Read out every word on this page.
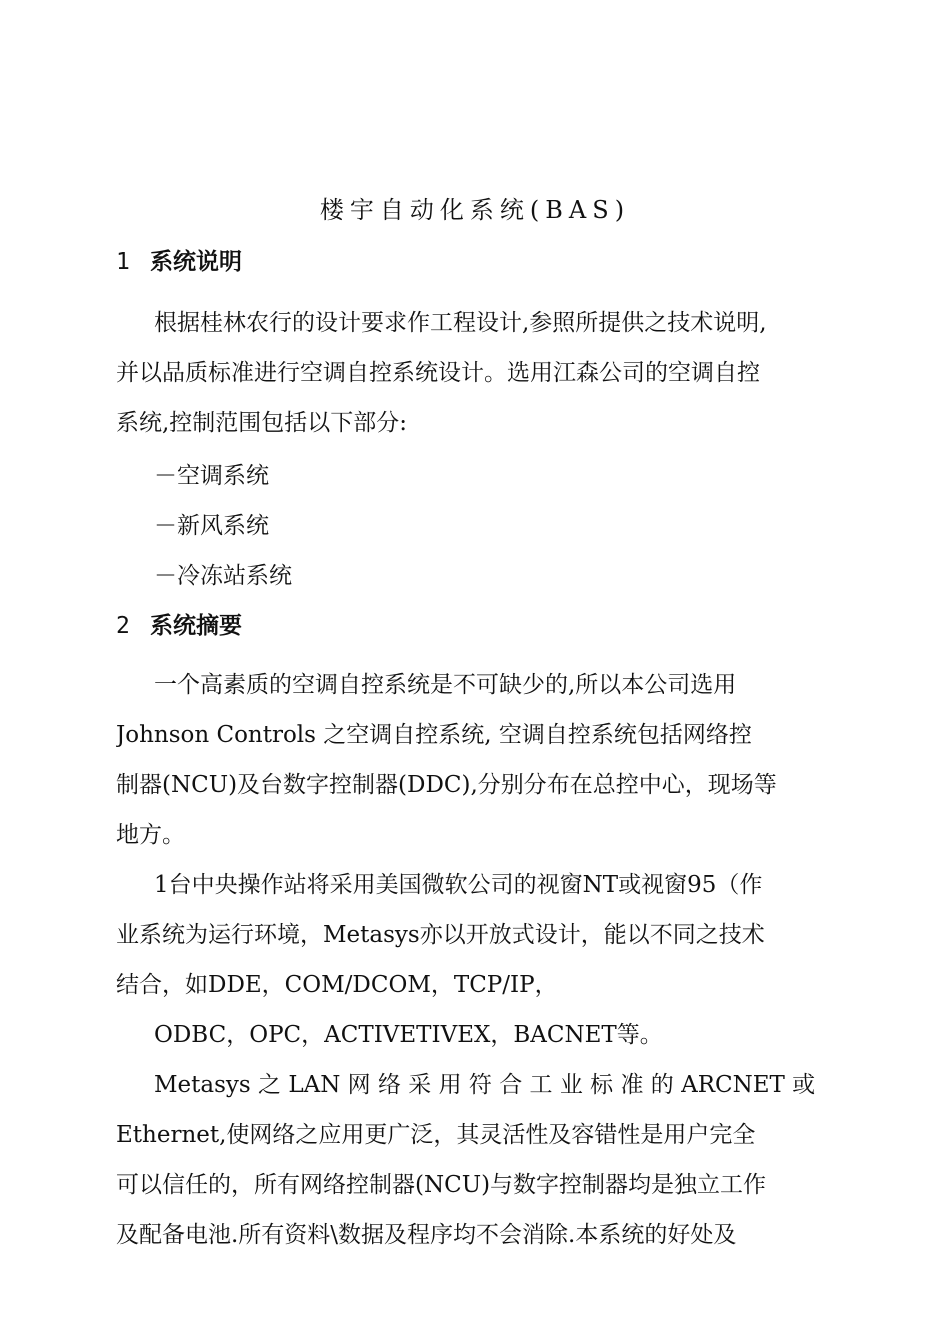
楼宇自动化系统(BAS)
1 系统说明
根据桂林农行的设计要求作工程设计,参照所提供之技术说明,
并以品质标准进行空调自控系统设计。选用江森公司的空调自控
系统,控制范围包括以下部分:
－空调系统
－新风系统
－冷冻站系统
2 系统摘要
一个高素质的空调自控系统是不可缺少的,所以本公司选用
Johnson Controls 之空调自控系统, 空调自控系统包括网络控
制器(NCU)及台数字控制器(DDC),分别分布在总控中心，现场等
地方。
1台中央操作站将采用美国微软公司的视窗NT或视窗95（作
业系统为运行环境，Metasys亦以开放式设计，能以不同之技术
结合，如DDE，COM/DCOM，TCP/IP，
ODBC，OPC，ACTIVETIVEX，BACNET等。
Metasys 之 LAN 网 络 采 用 符 合 工 业 标 准 的 ARCNET 或
Ethernet,使网络之应用更广泛，其灵活性及容错性是用户完全
可以信任的，所有网络控制器(NCU)与数字控制器均是独立工作
及配备电池.所有资料\数据及程序均不会消除.本系统的好处及
